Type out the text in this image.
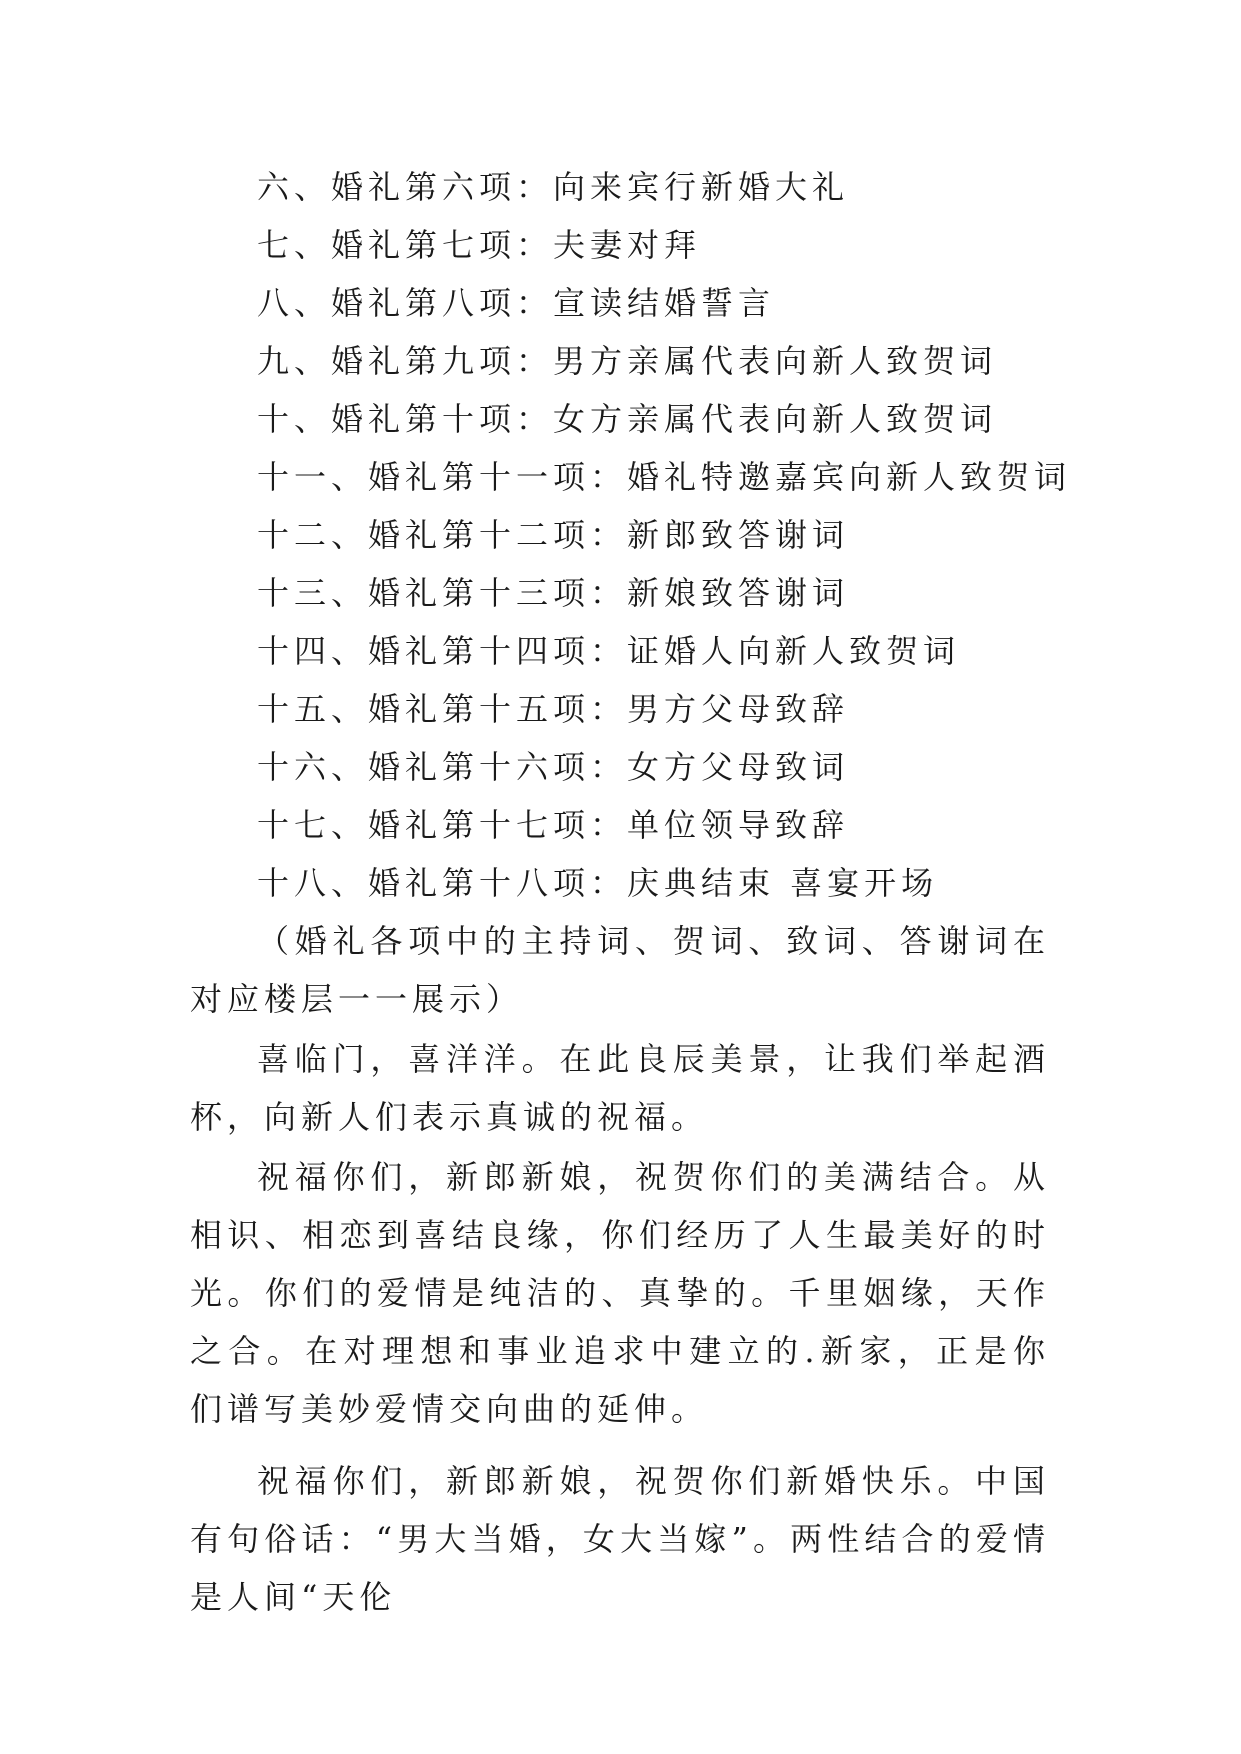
六、婚礼第六项：向来宾行新婚大礼
七、婚礼第七项：夫妻对拜
八、婚礼第八项：宣读结婚誓言
九、婚礼第九项：男方亲属代表向新人致贺词
十、婚礼第十项：女方亲属代表向新人致贺词
十一、婚礼第十一项：婚礼特邀嘉宾向新人致贺词
十二、婚礼第十二项：新郎致答谢词
十三、婚礼第十三项：新娘致答谢词
十四、婚礼第十四项：证婚人向新人致贺词
十五、婚礼第十五项：男方父母致辞
十六、婚礼第十六项：女方父母致词
十七、婚礼第十七项：单位领导致辞
十八、婚礼第十八项：庆典结束 喜宴开场

（婚礼各项中的主持词、贺词、致词、答谢词在对应楼层一一展示）

喜临门，喜洋洋。在此良辰美景，让我们举起酒杯，向新人们表示真诚的祝福。

祝福你们，新郎新娘，祝贺你们的美满结合。从相识、相恋到喜结良缘，你们经历了人生最美好的时光。你们的爱情是纯洁的、真挚的。千里姻缘，天作之合。在对理想和事业追求中建立的.新家，正是你们谱写美妙爱情交向曲的延伸。

祝福你们，新郎新娘，祝贺你们新婚快乐。中国有句俗话：“男大当婚，女大当嫁”。两性结合的爱情是人间“天伦
